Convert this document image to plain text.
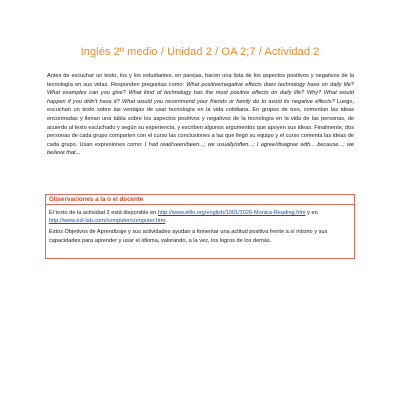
Inglés 2º medio / Unidad 2 / OA 2;7 / Actividad 2
Antes de escuchar un texto, los y los estudiantes, en parejas, hacen una lista de los aspectos positivos y negativos de la tecnología en sus vidas. Responden preguntas como: What positive/negative effects does technology have on daily life? What examples can you give? What kind of technology has the most positive effects on daily life? Why? What would happen if you didn't have it? What would you recommend your friends or family do to avoid its negative effects? Luego, escuchan un texto sobre las ventajas de usar tecnología en la vida cotidiana. En grupos de tres, comentan las ideas encontradas y llenan una tabla sobre los aspectos positivos y negativos de la tecnología en la vida de las personas, de acuerdo al texto escuchado y según su experiencia, y escriben algunos argumentos que apoyen sus ideas. Finalmente, dos personas de cada grupo comparten con el curso las conclusiones a las que llegó su equipo y el curso comenta las ideas de cada grupo. Usan expresiones como: I had read/seen/been...; we usually/often...; I agree/disagree with... because...; we believe that...
Observaciones a la o el docente

El texto de la actividad 2 está disponible en http://www.elllo.org/english/1001/1026-Monica-Reading.htm y en http://www.esl-lab.com/computer/computer.htm.

Estos Objetivos de Aprendizaje y sus actividades ayudan a fomentar una actitud positiva frente a sí mismo y sus capacidades para aprender y usar el idioma, valorando, a la vez, los logros de los demás.
